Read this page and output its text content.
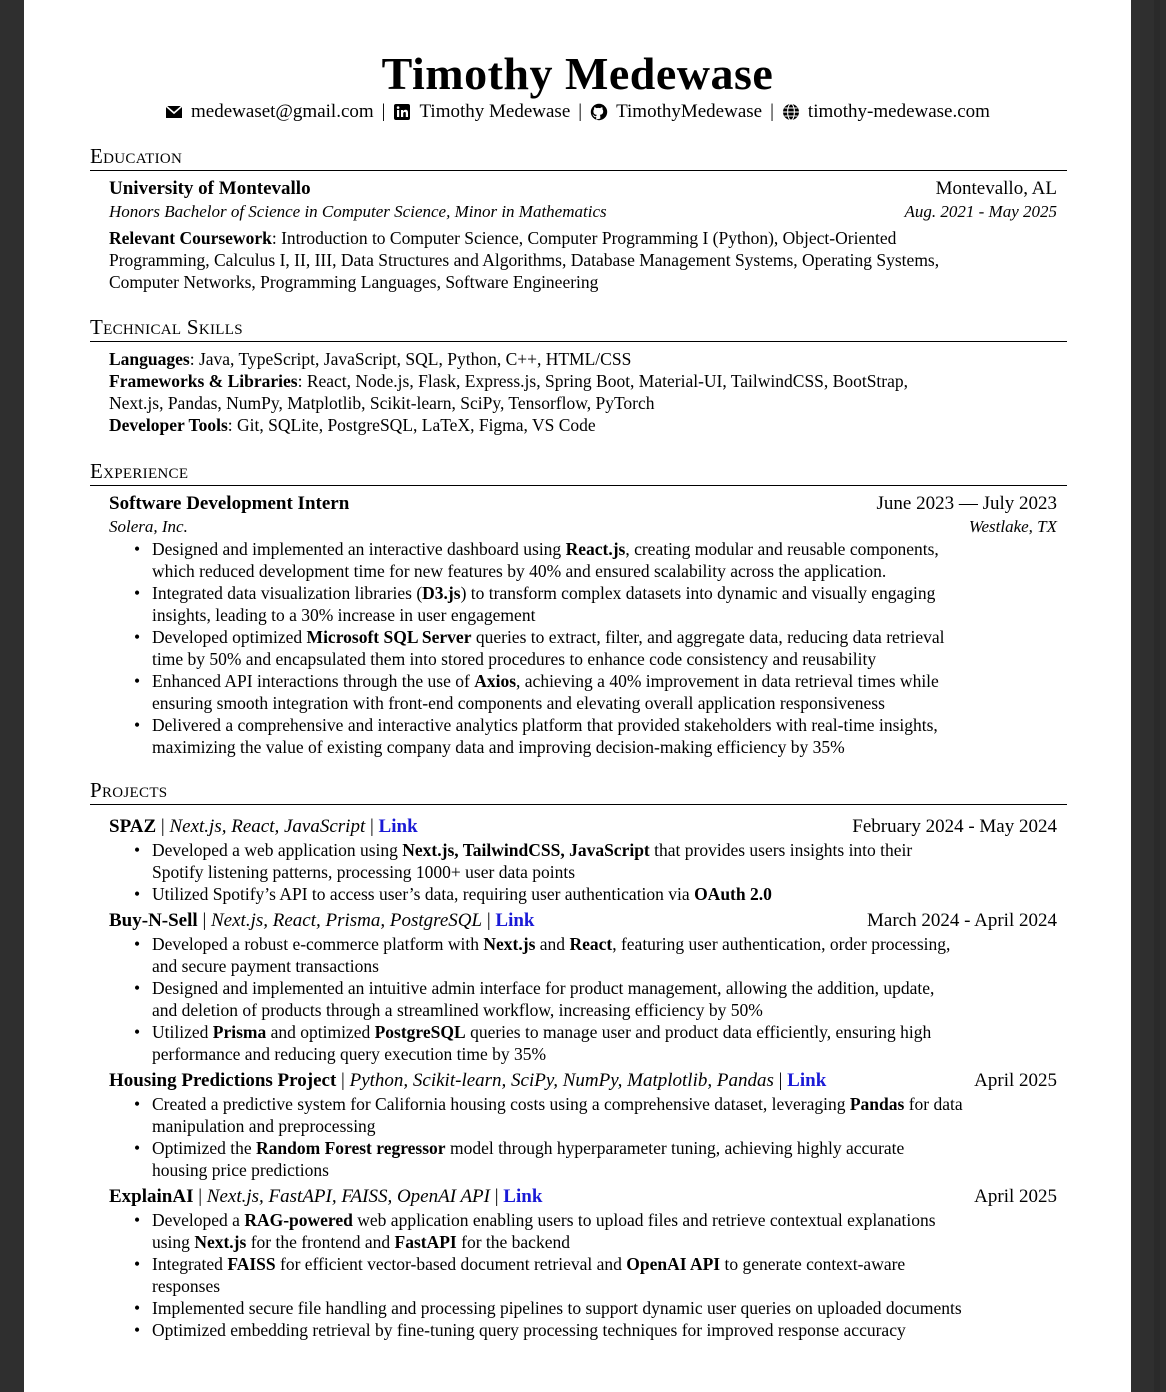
Timothy Medewase
medewaset@gmail.com | Timothy Medewase | TimothyMedewase | timothy-medewase.com
Education
University of Montevallo	Montevallo, AL
Honors Bachelor of Science in Computer Science, Minor in Mathematics	Aug. 2021 - May 2025
Relevant Coursework: Introduction to Computer Science, Computer Programming I (Python), Object-Oriented
Programming, Calculus I, II, III, Data Structures and Algorithms, Database Management Systems, Operating Systems,
Computer Networks, Programming Languages, Software Engineering
Technical Skills
Languages: Java, TypeScript, JavaScript, SQL, Python, C++, HTML/CSS
Frameworks & Libraries: React, Node.js, Flask, Express.js, Spring Boot, Material-UI, TailwindCSS, BootStrap,
Next.js, Pandas, NumPy, Matplotlib, Scikit-learn, SciPy, Tensorflow, PyTorch
Developer Tools: Git, SQLite, PostgreSQL, LaTeX, Figma, VS Code
Experience
Software Development Intern	June 2023 — July 2023
Solera, Inc.	Westlake, TX
• Designed and implemented an interactive dashboard using React.js, creating modular and reusable components,
which reduced development time for new features by 40% and ensured scalability across the application.
• Integrated data visualization libraries (D3.js) to transform complex datasets into dynamic and visually engaging
insights, leading to a 30% increase in user engagement
• Developed optimized Microsoft SQL Server queries to extract, filter, and aggregate data, reducing data retrieval
time by 50% and encapsulated them into stored procedures to enhance code consistency and reusability
• Enhanced API interactions through the use of Axios, achieving a 40% improvement in data retrieval times while
ensuring smooth integration with front-end components and elevating overall application responsiveness
• Delivered a comprehensive and interactive analytics platform that provided stakeholders with real-time insights,
maximizing the value of existing company data and improving decision-making efficiency by 35%
Projects
SPAZ | Next.js, React, JavaScript | Link	February 2024 - May 2024
• Developed a web application using Next.js, TailwindCSS, JavaScript that provides users insights into their
Spotify listening patterns, processing 1000+ user data points
• Utilized Spotify’s API to access user’s data, requiring user authentication via OAuth 2.0
Buy-N-Sell | Next.js, React, Prisma, PostgreSQL | Link	March 2024 - April 2024
• Developed a robust e-commerce platform with Next.js and React, featuring user authentication, order processing,
and secure payment transactions
• Designed and implemented an intuitive admin interface for product management, allowing the addition, update,
and deletion of products through a streamlined workflow, increasing efficiency by 50%
• Utilized Prisma and optimized PostgreSQL queries to manage user and product data efficiently, ensuring high
performance and reducing query execution time by 35%
Housing Predictions Project | Python, Scikit-learn, SciPy, NumPy, Matplotlib, Pandas | Link	April 2025
• Created a predictive system for California housing costs using a comprehensive dataset, leveraging Pandas for data
manipulation and preprocessing
• Optimized the Random Forest regressor model through hyperparameter tuning, achieving highly accurate
housing price predictions
ExplainAI | Next.js, FastAPI, FAISS, OpenAI API | Link	April 2025
• Developed a RAG-powered web application enabling users to upload files and retrieve contextual explanations
using Next.js for the frontend and FastAPI for the backend
• Integrated FAISS for efficient vector-based document retrieval and OpenAI API to generate context-aware
responses
• Implemented secure file handling and processing pipelines to support dynamic user queries on uploaded documents
• Optimized embedding retrieval by fine-tuning query processing techniques for improved response accuracy
